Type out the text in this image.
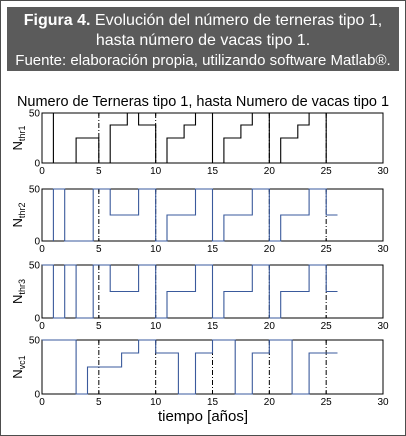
Figura 4. Evolución del número de terneras tipo 1,
hasta número de vacas tipo 1.
Fuente: elaboración propia, utilizando software Matlab®.
Numero de Terneras tipo 1, hasta Numero de vacas tipo 1
0	5	10	15	20	25	30
0
50
$N_{thr1}$
0	5	10	15	20	25	30
0
50
$N_{thr2}$
0	5	10	15	20	25	30
0
50
$N_{thr3}$
0	5	10	15	20	25	30
0
50
$N_{vc1}$
tiempo [años]
